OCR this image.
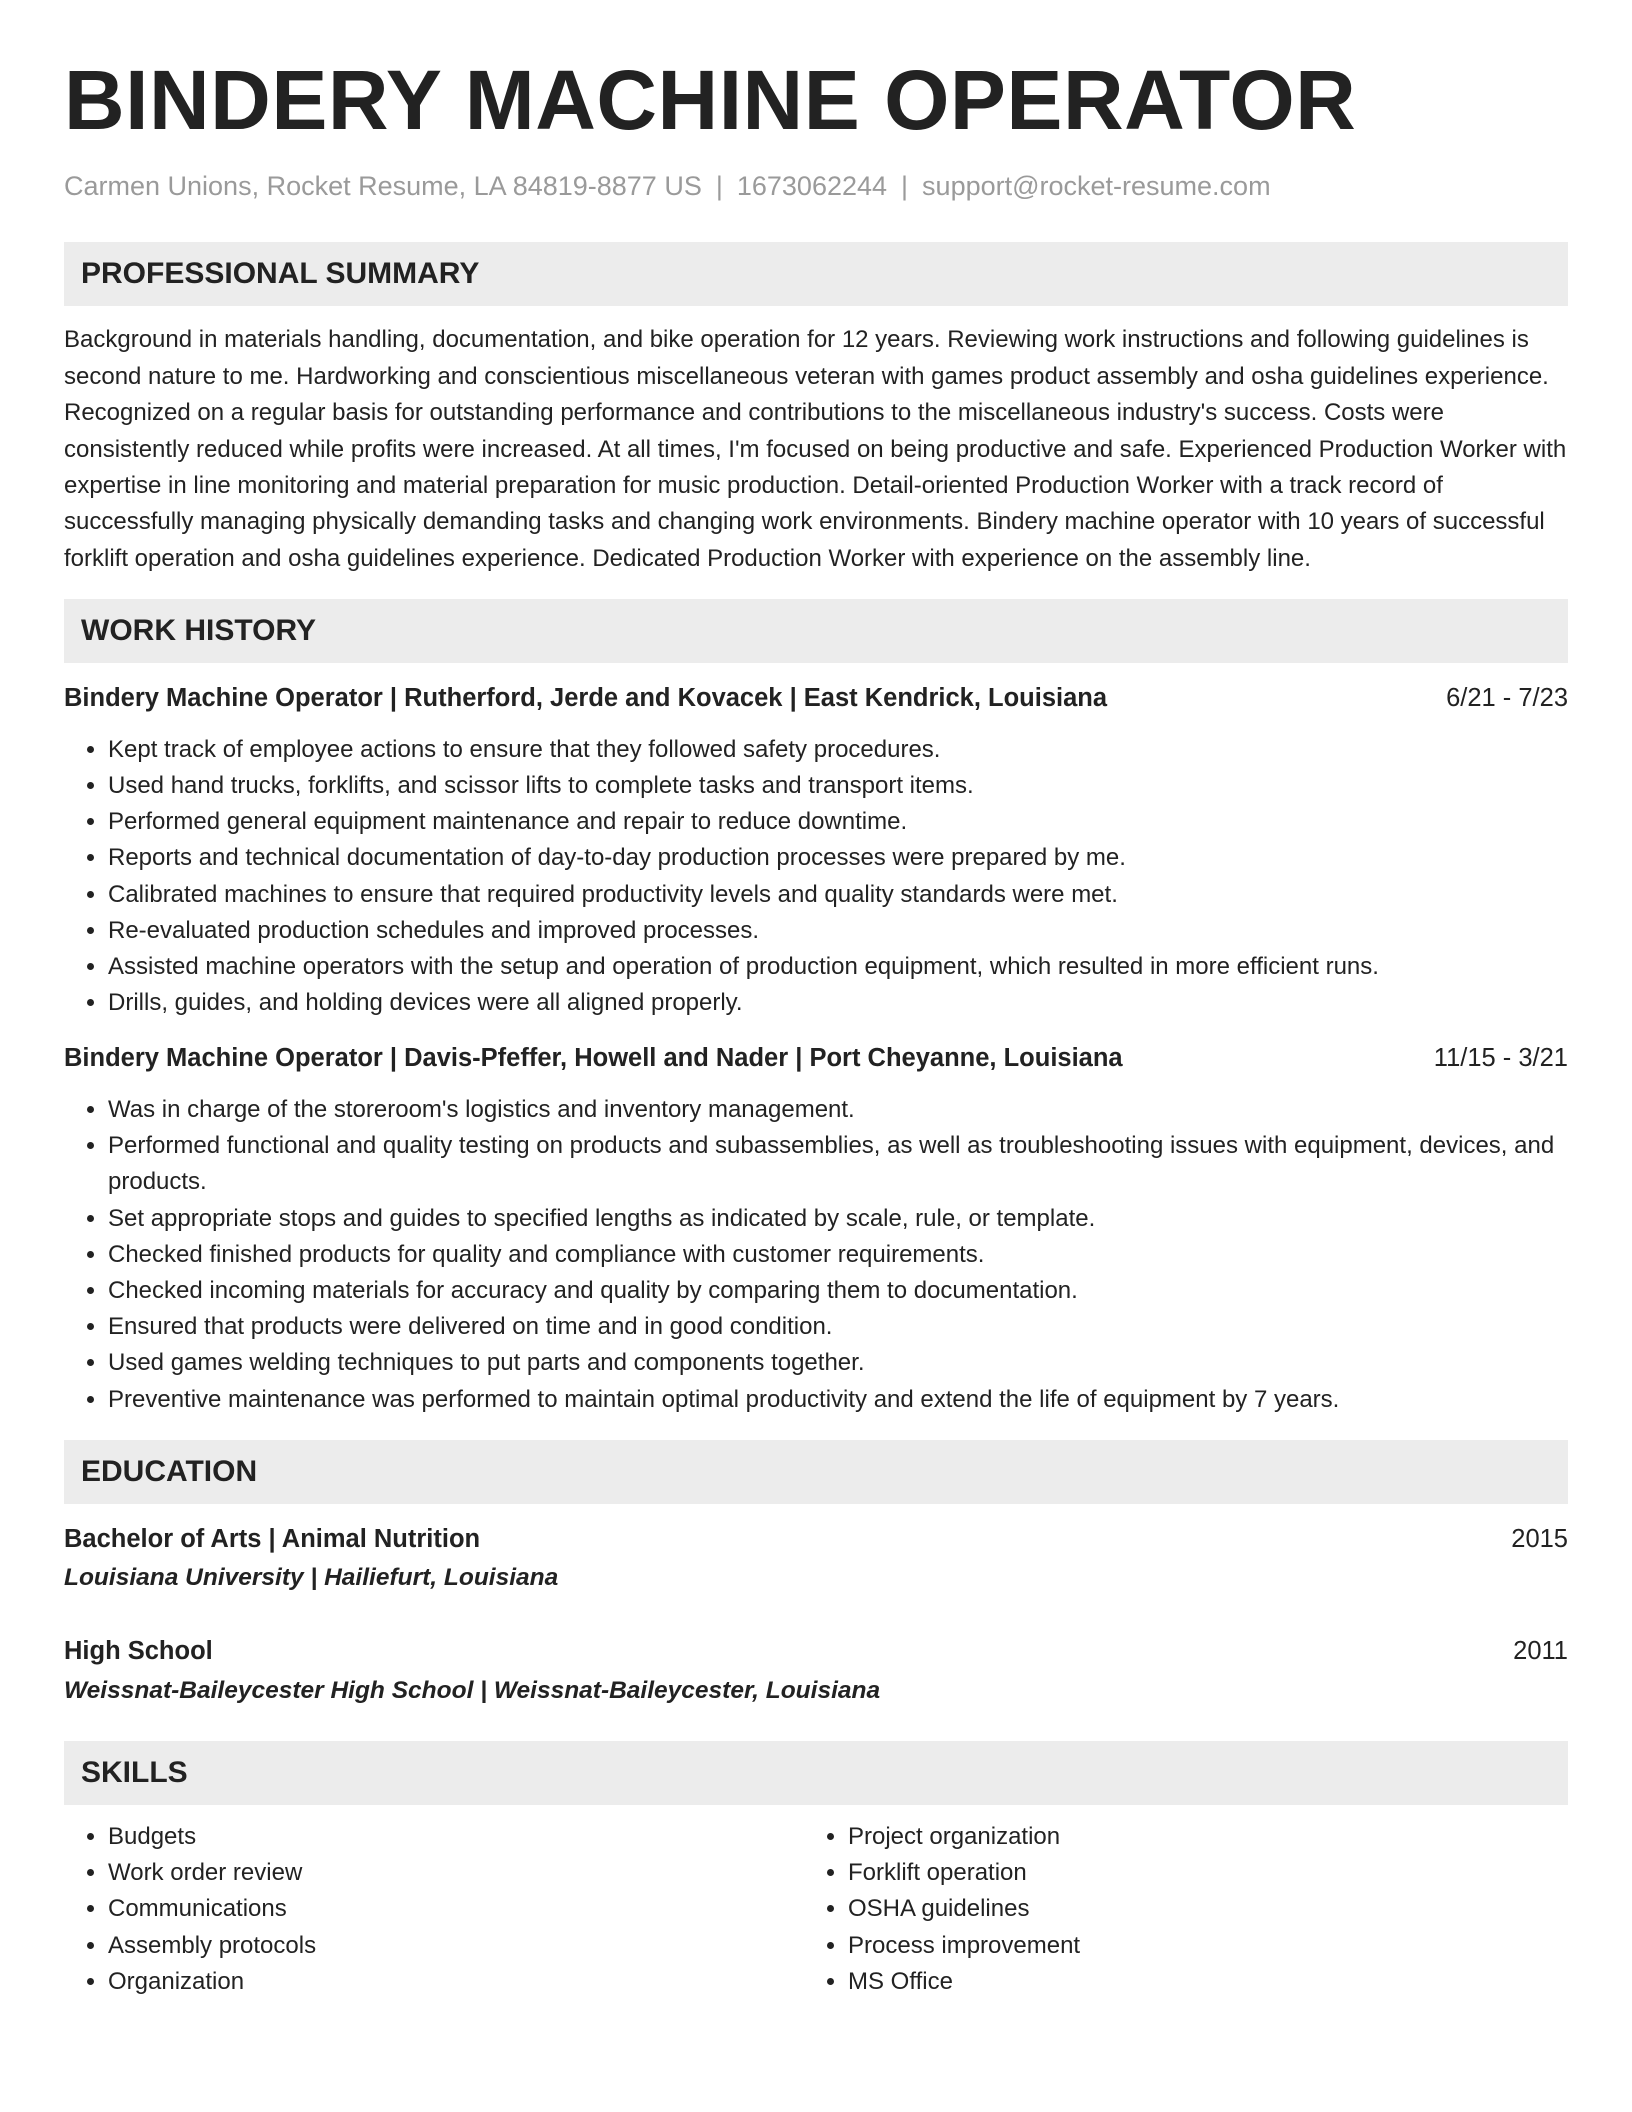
BINDERY MACHINE OPERATOR
Carmen Unions, Rocket Resume, LA 84819-8877 US | 1673062244 | support@rocket-resume.com
PROFESSIONAL SUMMARY

Background in materials handling, documentation, and bike operation for 12 years. Reviewing work instructions and following guidelines is second nature to me. Hardworking and conscientious miscellaneous veteran with games product assembly and osha guidelines experience. Recognized on a regular basis for outstanding performance and contributions to the miscellaneous industry's success. Costs were consistently reduced while profits were increased. At all times, I'm focused on being productive and safe. Experienced Production Worker with expertise in line monitoring and material preparation for music production. Detail-oriented Production Worker with a track record of successfully managing physically demanding tasks and changing work environments. Bindery machine operator with 10 years of successful forklift operation and osha guidelines experience. Dedicated Production Worker with experience on the assembly line.

WORK HISTORY
Bindery Machine Operator | Rutherford, Jerde and Kovacek | East Kendrick, Louisiana	6/21 - 7/23
• Kept track of employee actions to ensure that they followed safety procedures.
• Used hand trucks, forklifts, and scissor lifts to complete tasks and transport items.
• Performed general equipment maintenance and repair to reduce downtime.
• Reports and technical documentation of day-to-day production processes were prepared by me.
• Calibrated machines to ensure that required productivity levels and quality standards were met.
• Re-evaluated production schedules and improved processes.
• Assisted machine operators with the setup and operation of production equipment, which resulted in more efficient runs.
• Drills, guides, and holding devices were all aligned properly.
Bindery Machine Operator | Davis-Pfeffer, Howell and Nader | Port Cheyanne, Louisiana	11/15 - 3/21
• Was in charge of the storeroom's logistics and inventory management.
• Performed functional and quality testing on products and subassemblies, as well as troubleshooting issues with equipment, devices, and products.
• Set appropriate stops and guides to specified lengths as indicated by scale, rule, or template.
• Checked finished products for quality and compliance with customer requirements.
• Checked incoming materials for accuracy and quality by comparing them to documentation.
• Ensured that products were delivered on time and in good condition.
• Used games welding techniques to put parts and components together.
• Preventive maintenance was performed to maintain optimal productivity and extend the life of equipment by 7 years.
EDUCATION
Bachelor of Arts | Animal Nutrition	2015
Louisiana University | Hailiefurt, Louisiana
High School	2011
Weissnat-Baileycester High School | Weissnat-Baileycester, Louisiana
SKILLS
• Budgets
• Work order review
• Communications
• Assembly protocols
• Organization
• Project organization
• Forklift operation
• OSHA guidelines
• Process improvement
• MS Office
